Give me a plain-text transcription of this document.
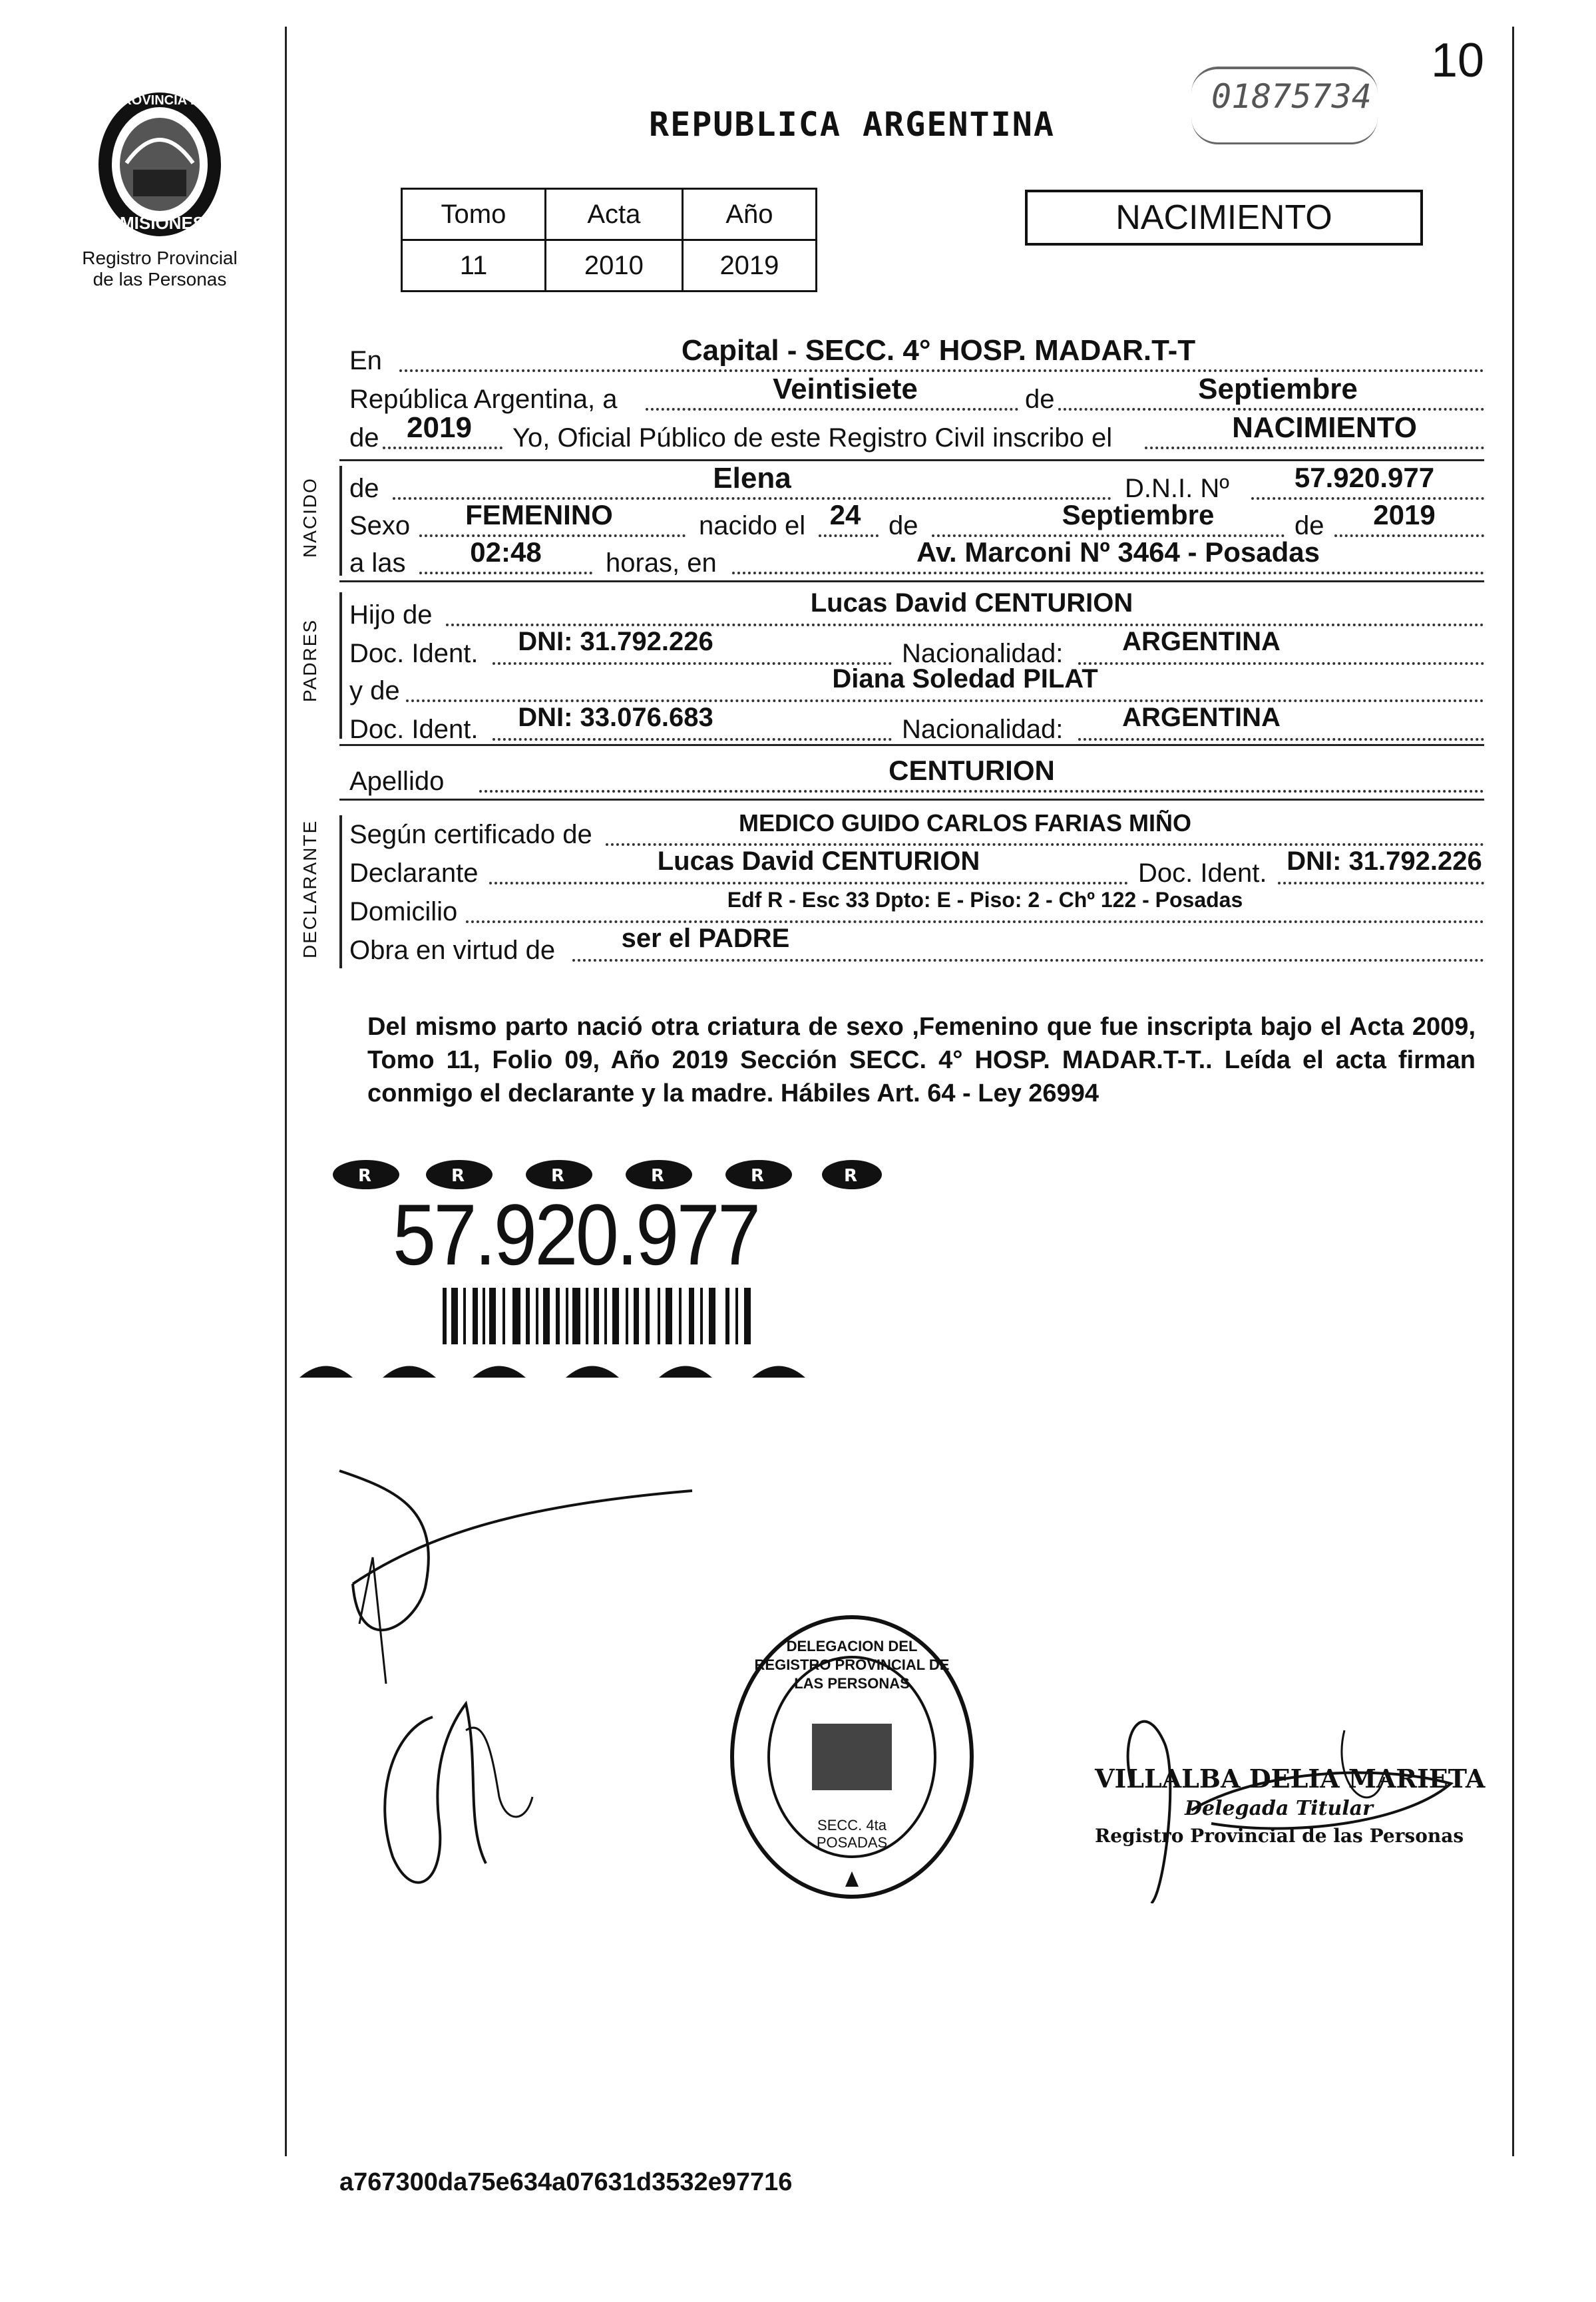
10
PROVINCIA DE
MISIONES
Registro Provincial
de las Personas
REPUBLICA ARGENTINA
01875734
Tomo	Acta	Año
11	2010	2019
NACIMIENTO
En	Capital - SECC. 4° HOSP. MADAR.T-T
República Argentina, a	Veintisiete	de	Septiembre
de 2019	Yo, Oficial Público de este Registro Civil inscribo el	NACIMIENTO
NACIDO de	Elena	D.N.I. Nº	57.920.977
Sexo	FEMENINO	nacido el 24	de	Septiembre	de	2019
a las	02:48	horas, en	Av. Marconi Nº 3464 - Posadas
PADRES
Hijo de	Lucas David CENTURION
Doc. Ident.	DNI: 31.792.226	Nacionalidad:	ARGENTINA
y de	Diana Soledad PILAT
Doc. Ident.	DNI: 33.076.683	Nacionalidad:	ARGENTINA
Apellido	CENTURION
DECLARANTE Según certificado de	MEDICO GUIDO CARLOS FARIAS MIÑO
Declarante	Lucas David CENTURION	Doc. Ident. DNI: 31.792.226
Domicilio	Edf R - Esc 33 Dpto: E - Piso: 2 - Chº 122 - Posadas
Obra en virtud de	ser el PADRE
Del mismo parto nació otra criatura de sexo ,Femenino que fue inscripta bajo el Acta 2009, Tomo 11, Folio 09, Año 2019 Sección SECC. 4° HOSP. MADAR.T-T.. Leída el acta firman conmigo el declarante y la madre. Hábiles Art. 64 - Ley 26994
R	R	R	R	R	R
57.920.977
DELEGACION DEL REGISTRO PROVINCIAL DE LAS PERSONAS
SECC. 4ta POSADAS
VILLALBA DELIA MARIETA
Delegada Titular
Registro Provincial de las Personas
a767300da75e634a07631d3532e97716
